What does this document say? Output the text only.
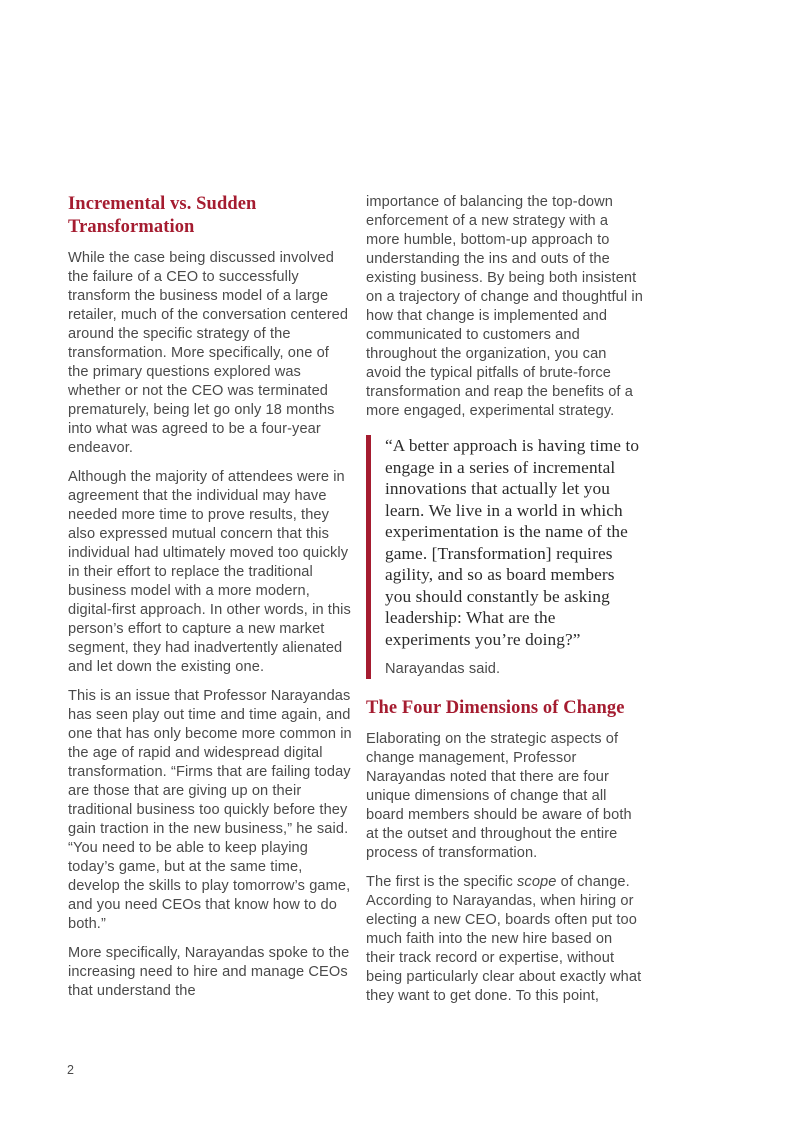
Incremental vs. Sudden Transformation

While the case being discussed involved the failure of a CEO to successfully transform the business model of a large retailer, much of the conversation centered around the specific strategy of the transformation. More specifically, one of the primary questions explored was whether or not the CEO was terminated prematurely, being let go only 18 months into what was agreed to be a four-year endeavor.

Although the majority of attendees were in agreement that the individual may have needed more time to prove results, they also expressed mutual concern that this individual had ultimately moved too quickly in their effort to replace the traditional business model with a more modern, digital-first approach. In other words, in this person’s effort to capture a new market segment, they had inadvertently alienated and let down the existing one.

This is an issue that Professor Narayandas has seen play out time and time again, and one that has only become more common in the age of rapid and widespread digital transformation. “Firms that are failing today are those that are giving up on their traditional business too quickly before they gain traction in the new business,” he said. “You need to be able to keep playing today’s game, but at the same time, develop the skills to play tomorrow’s game, and you need CEOs that know how to do both.”

More specifically, Narayandas spoke to the increasing need to hire and manage CEOs that understand the

importance of balancing the top-down enforcement of a new strategy with a more humble, bottom-up approach to understanding the ins and outs of the existing business. By being both insistent on a trajectory of change and thoughtful in how that change is implemented and communicated to customers and throughout the organization, you can avoid the typical pitfalls of brute-force transformation and reap the benefits of a more engaged, experimental strategy.

“A better approach is having time to engage in a series of incremental innovations that actually let you learn. We live in a world in which experimentation is the name of the game. [Transformation] requires agility, and so as board members you should constantly be asking leadership: What are the experiments you’re doing?”

Narayandas said.

The Four Dimensions of Change

Elaborating on the strategic aspects of change management, Professor Narayandas noted that there are four unique dimensions of change that all board members should be aware of both at the outset and throughout the entire process of transformation.

The first is the specific scope of change. According to Narayandas, when hiring or electing a new CEO, boards often put too much faith into the new hire based on their track record or expertise, without being particularly clear about exactly what they want to get done. To this point,

2
